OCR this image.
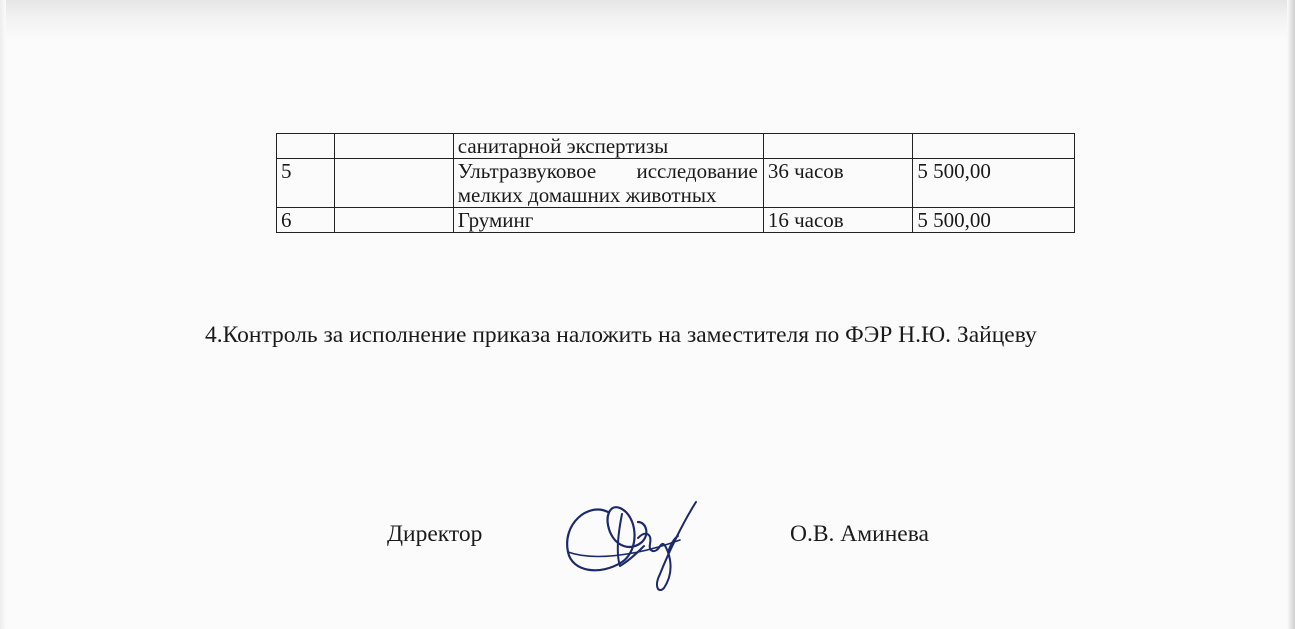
		санитарной экспертизы		
5		Ультразвуковое исследование мелких домашних животных	36 часов	5 500,00
6		Груминг	16 часов	5 500,00

4.Контроль за исполнение приказа наложить на заместителя по ФЭР Н.Ю. Зайцеву

Директор	О.В. Аминева
